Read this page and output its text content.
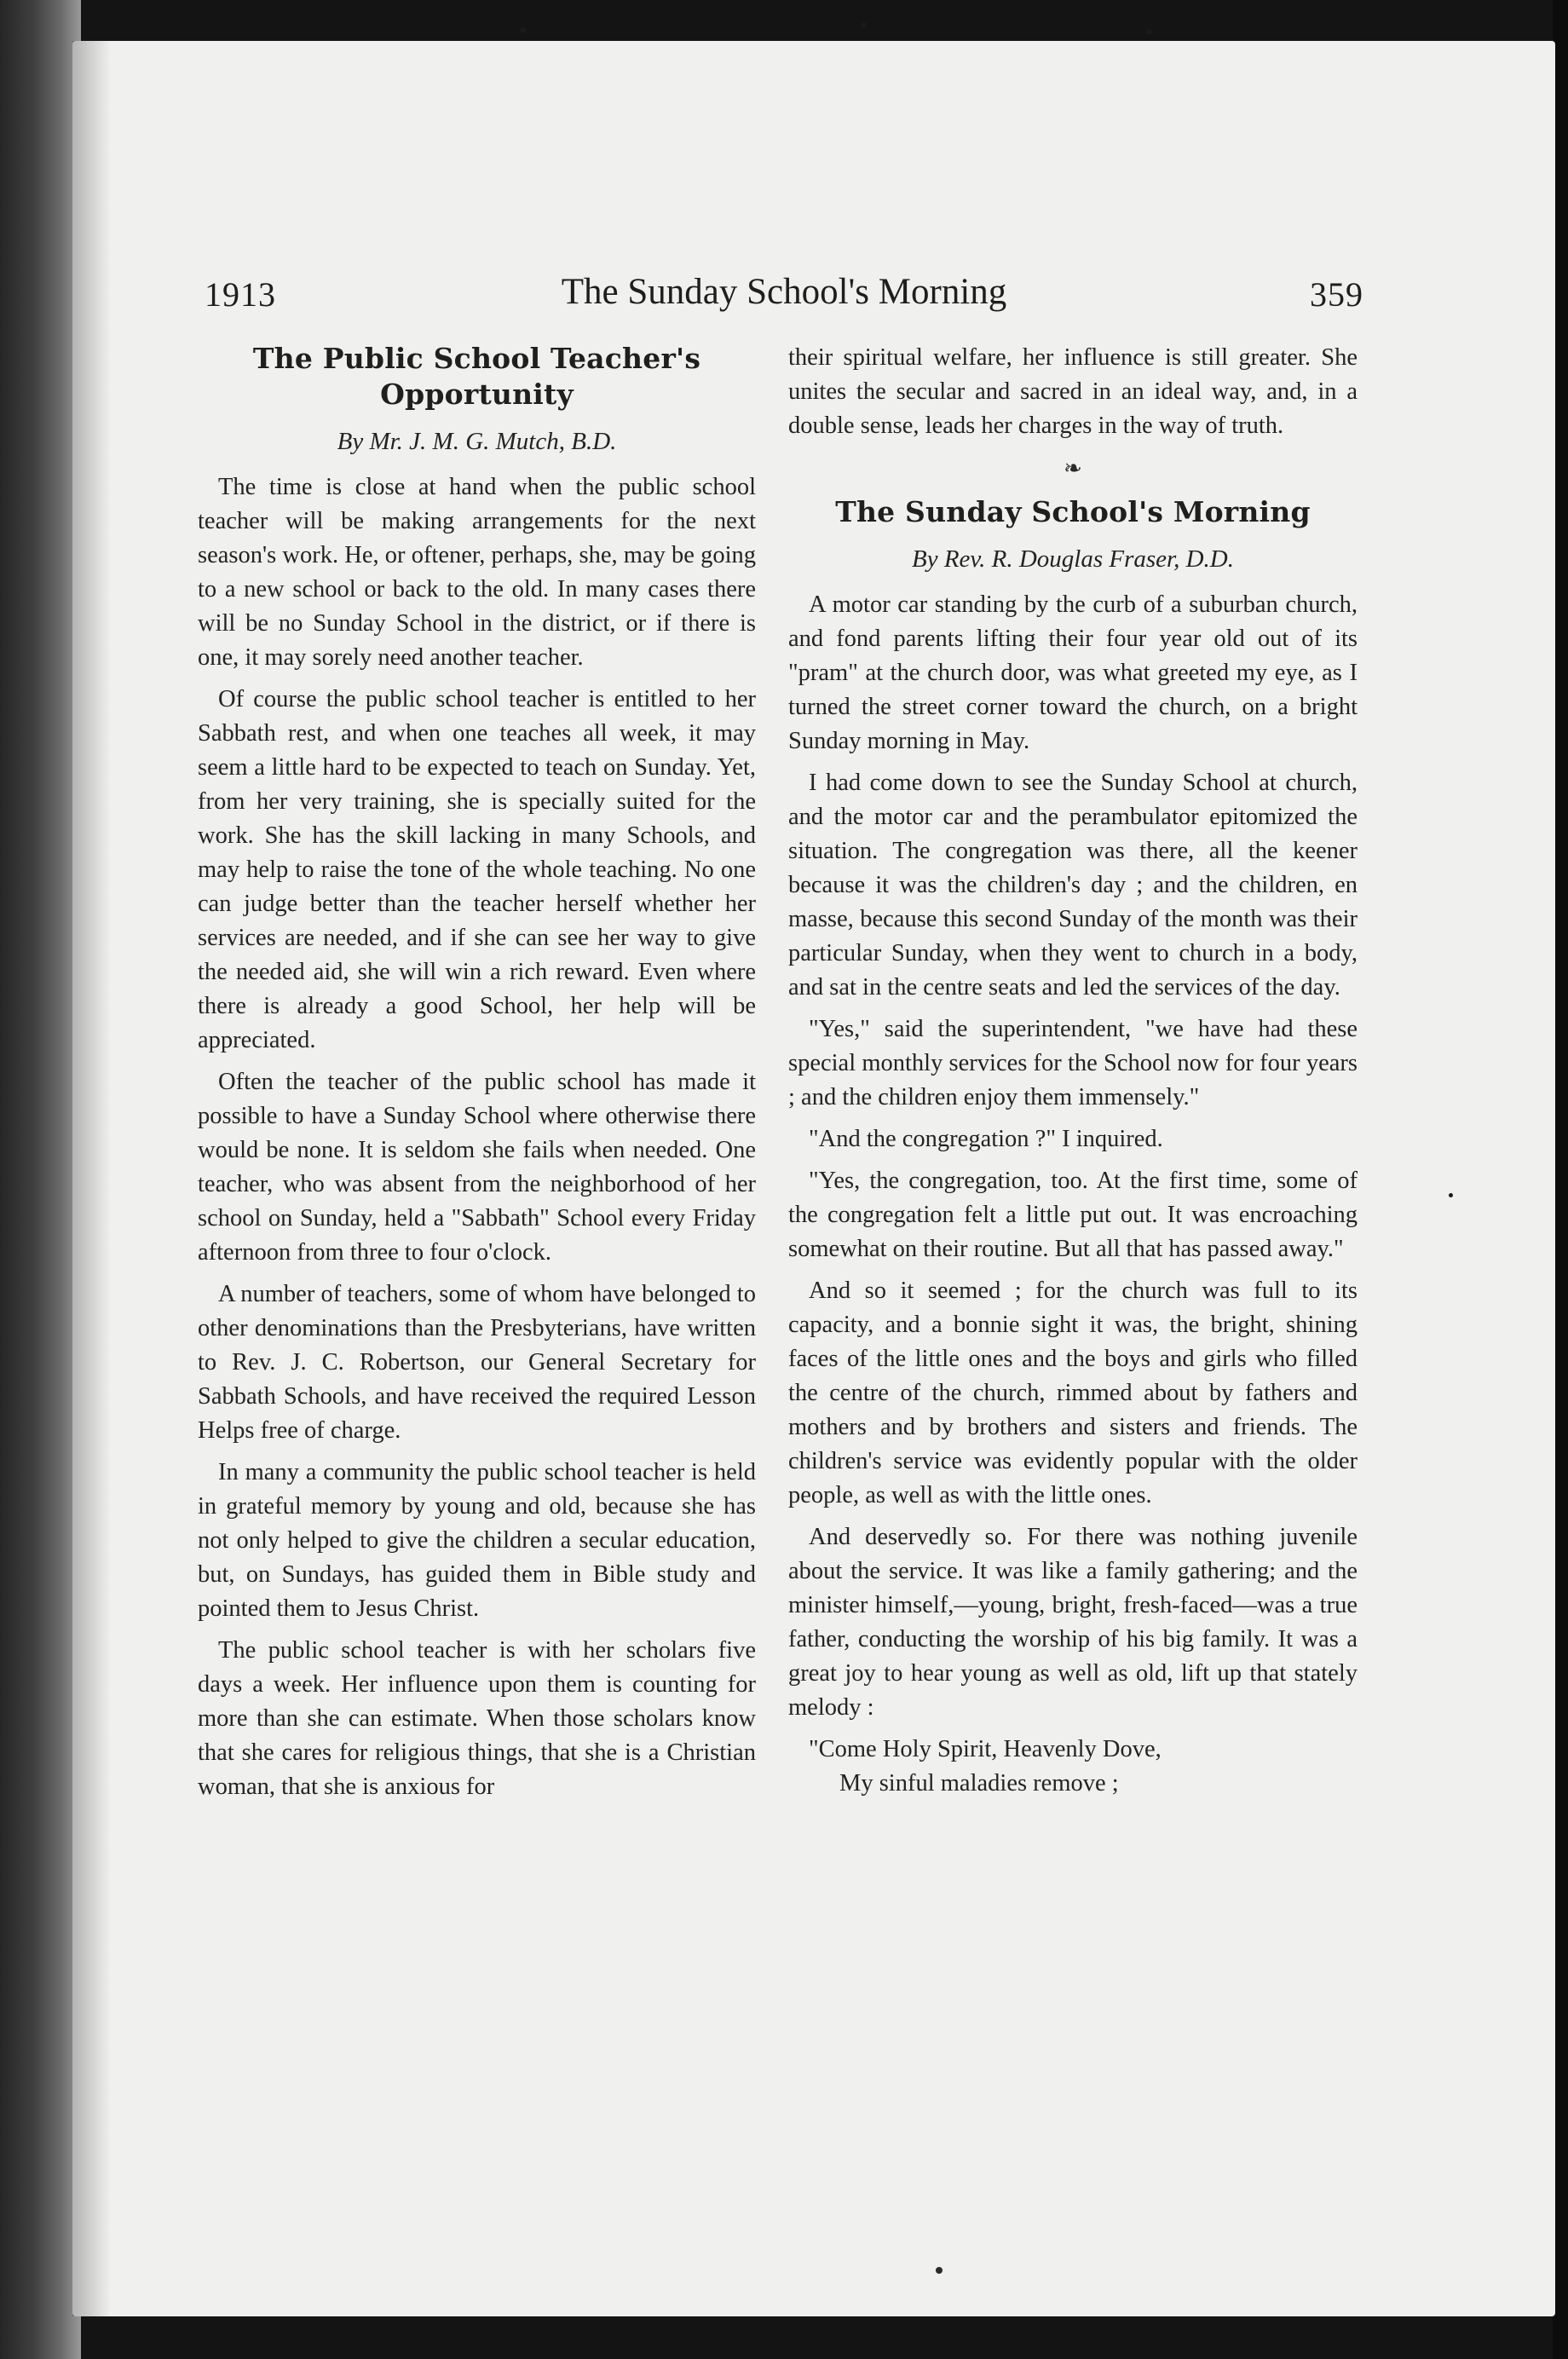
1913	The Sunday School's Morning	359
The Public School Teacher's Opportunity
By Mr. J. M. G. Mutch, B.D.

The time is close at hand when the public school teacher will be making arrangements for the next season's work. He, or oftener, perhaps, she, may be going to a new school or back to the old. In many cases there will be no Sunday School in the district, or if there is one, it may sorely need another teacher.

Of course the public school teacher is entitled to her Sabbath rest, and when one teaches all week, it may seem a little hard to be expected to teach on Sunday. Yet, from her very training, she is specially suited for the work. She has the skill lacking in many Schools, and may help to raise the tone of the whole teaching. No one can judge better than the teacher herself whether her services are needed, and if she can see her way to give the needed aid, she will win a rich reward. Even where there is already a good School, her help will be appreciated.

Often the teacher of the public school has made it possible to have a Sunday School where otherwise there would be none. It is seldom she fails when needed. One teacher, who was absent from the neighborhood of her school on Sunday, held a "Sabbath" School every Friday afternoon from three to four o'clock.

A number of teachers, some of whom have belonged to other denominations than the Presbyterians, have written to Rev. J. C. Robertson, our General Secretary for Sabbath Schools, and have received the required Lesson Helps free of charge.

In many a community the public school teacher is held in grateful memory by young and old, because she has not only helped to give the children a secular education, but, on Sundays, has guided them in Bible study and pointed them to Jesus Christ.

The public school teacher is with her scholars five days a week. Her influence upon them is counting for more than she can estimate. When those scholars know that she cares for religious things, that she is a Christian woman, that she is anxious for

their spiritual welfare, her influence is still greater. She unites the secular and sacred in an ideal way, and, in a double sense, leads her charges in the way of truth.

❧
The Sunday School's Morning
By Rev. R. Douglas Fraser, D.D.

A motor car standing by the curb of a suburban church, and fond parents lifting their four year old out of its "pram" at the church door, was what greeted my eye, as I turned the street corner toward the church, on a bright Sunday morning in May.

I had come down to see the Sunday School at church, and the motor car and the perambulator epitomized the situation. The congregation was there, all the keener because it was the children's day ; and the children, en masse, because this second Sunday of the month was their particular Sunday, when they went to church in a body, and sat in the centre seats and led the services of the day.

"Yes," said the superintendent, "we have had these special monthly services for the School now for four years ; and the children enjoy them immensely."

"And the congregation ?" I inquired.

"Yes, the congregation, too. At the first time, some of the congregation felt a little put out. It was encroaching somewhat on their routine. But all that has passed away."

And so it seemed ; for the church was full to its capacity, and a bonnie sight it was, the bright, shining faces of the little ones and the boys and girls who filled the centre of the church, rimmed about by fathers and mothers and by brothers and sisters and friends. The children's service was evidently popular with the older people, as well as with the little ones.

And deservedly so. For there was nothing juvenile about the service. It was like a family gathering; and the minister himself,—young, bright, fresh-faced—was a true father, conducting the worship of his big family. It was a great joy to hear young as well as old, lift up that stately melody :

"Come Holy Spirit, Heavenly Dove,

My sinful maladies remove ;
